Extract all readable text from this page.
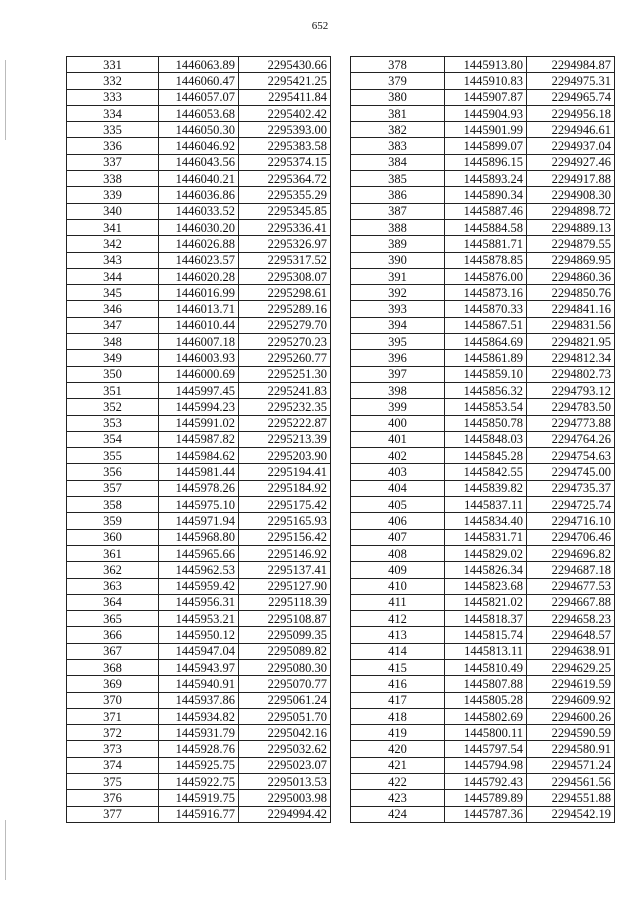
652
331	1446063.89	2295430.66
332	1446060.47	2295421.25
333	1446057.07	2295411.84
334	1446053.68	2295402.42
335	1446050.30	2295393.00
336	1446046.92	2295383.58
337	1446043.56	2295374.15
338	1446040.21	2295364.72
339	1446036.86	2295355.29
340	1446033.52	2295345.85
341	1446030.20	2295336.41
342	1446026.88	2295326.97
343	1446023.57	2295317.52
344	1446020.28	2295308.07
345	1446016.99	2295298.61
346	1446013.71	2295289.16
347	1446010.44	2295279.70
348	1446007.18	2295270.23
349	1446003.93	2295260.77
350	1446000.69	2295251.30
351	1445997.45	2295241.83
352	1445994.23	2295232.35
353	1445991.02	2295222.87
354	1445987.82	2295213.39
355	1445984.62	2295203.90
356	1445981.44	2295194.41
357	1445978.26	2295184.92
358	1445975.10	2295175.42
359	1445971.94	2295165.93
360	1445968.80	2295156.42
361	1445965.66	2295146.92
362	1445962.53	2295137.41
363	1445959.42	2295127.90
364	1445956.31	2295118.39
365	1445953.21	2295108.87
366	1445950.12	2295099.35
367	1445947.04	2295089.82
368	1445943.97	2295080.30
369	1445940.91	2295070.77
370	1445937.86	2295061.24
371	1445934.82	2295051.70
372	1445931.79	2295042.16
373	1445928.76	2295032.62
374	1445925.75	2295023.07
375	1445922.75	2295013.53
376	1445919.75	2295003.98
377	1445916.77	2294994.42
378	1445913.80	2294984.87
379	1445910.83	2294975.31
380	1445907.87	2294965.74
381	1445904.93	2294956.18
382	1445901.99	2294946.61
383	1445899.07	2294937.04
384	1445896.15	2294927.46
385	1445893.24	2294917.88
386	1445890.34	2294908.30
387	1445887.46	2294898.72
388	1445884.58	2294889.13
389	1445881.71	2294879.55
390	1445878.85	2294869.95
391	1445876.00	2294860.36
392	1445873.16	2294850.76
393	1445870.33	2294841.16
394	1445867.51	2294831.56
395	1445864.69	2294821.95
396	1445861.89	2294812.34
397	1445859.10	2294802.73
398	1445856.32	2294793.12
399	1445853.54	2294783.50
400	1445850.78	2294773.88
401	1445848.03	2294764.26
402	1445845.28	2294754.63
403	1445842.55	2294745.00
404	1445839.82	2294735.37
405	1445837.11	2294725.74
406	1445834.40	2294716.10
407	1445831.71	2294706.46
408	1445829.02	2294696.82
409	1445826.34	2294687.18
410	1445823.68	2294677.53
411	1445821.02	2294667.88
412	1445818.37	2294658.23
413	1445815.74	2294648.57
414	1445813.11	2294638.91
415	1445810.49	2294629.25
416	1445807.88	2294619.59
417	1445805.28	2294609.92
418	1445802.69	2294600.26
419	1445800.11	2294590.59
420	1445797.54	2294580.91
421	1445794.98	2294571.24
422	1445792.43	2294561.56
423	1445789.89	2294551.88
424	1445787.36	2294542.19
